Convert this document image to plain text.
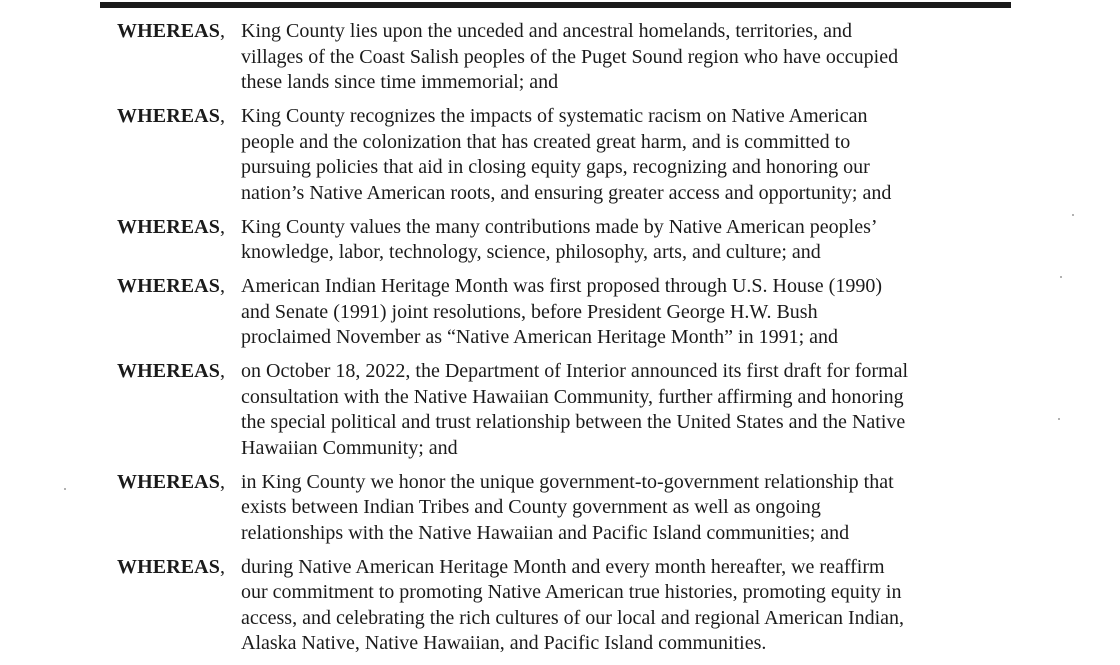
WHEREAS, King County lies upon the unceded and ancestral homelands, territories, and
villages of the Coast Salish peoples of the Puget Sound region who have occupied
these lands since time immemorial; and
WHEREAS, King County recognizes the impacts of systematic racism on Native American
people and the colonization that has created great harm, and is committed to
pursuing policies that aid in closing equity gaps, recognizing and honoring our
nation’s Native American roots, and ensuring greater access and opportunity; and
WHEREAS, King County values the many contributions made by Native American peoples’
knowledge, labor, technology, science, philosophy, arts, and culture; and
WHEREAS, American Indian Heritage Month was first proposed through U.S. House (1990)
and Senate (1991) joint resolutions, before President George H.W. Bush
proclaimed November as “Native American Heritage Month” in 1991; and
WHEREAS, on October 18, 2022, the Department of Interior announced its first draft for formal
consultation with the Native Hawaiian Community, further affirming and honoring
the special political and trust relationship between the United States and the Native
Hawaiian Community; and
WHEREAS, in King County we honor the unique government-to-government relationship that
exists between Indian Tribes and County government as well as ongoing
relationships with the Native Hawaiian and Pacific Island communities; and
WHEREAS, during Native American Heritage Month and every month hereafter, we reaffirm
our commitment to promoting Native American true histories, promoting equity in
access, and celebrating the rich cultures of our local and regional American Indian,
Alaska Native, Native Hawaiian, and Pacific Island communities.
